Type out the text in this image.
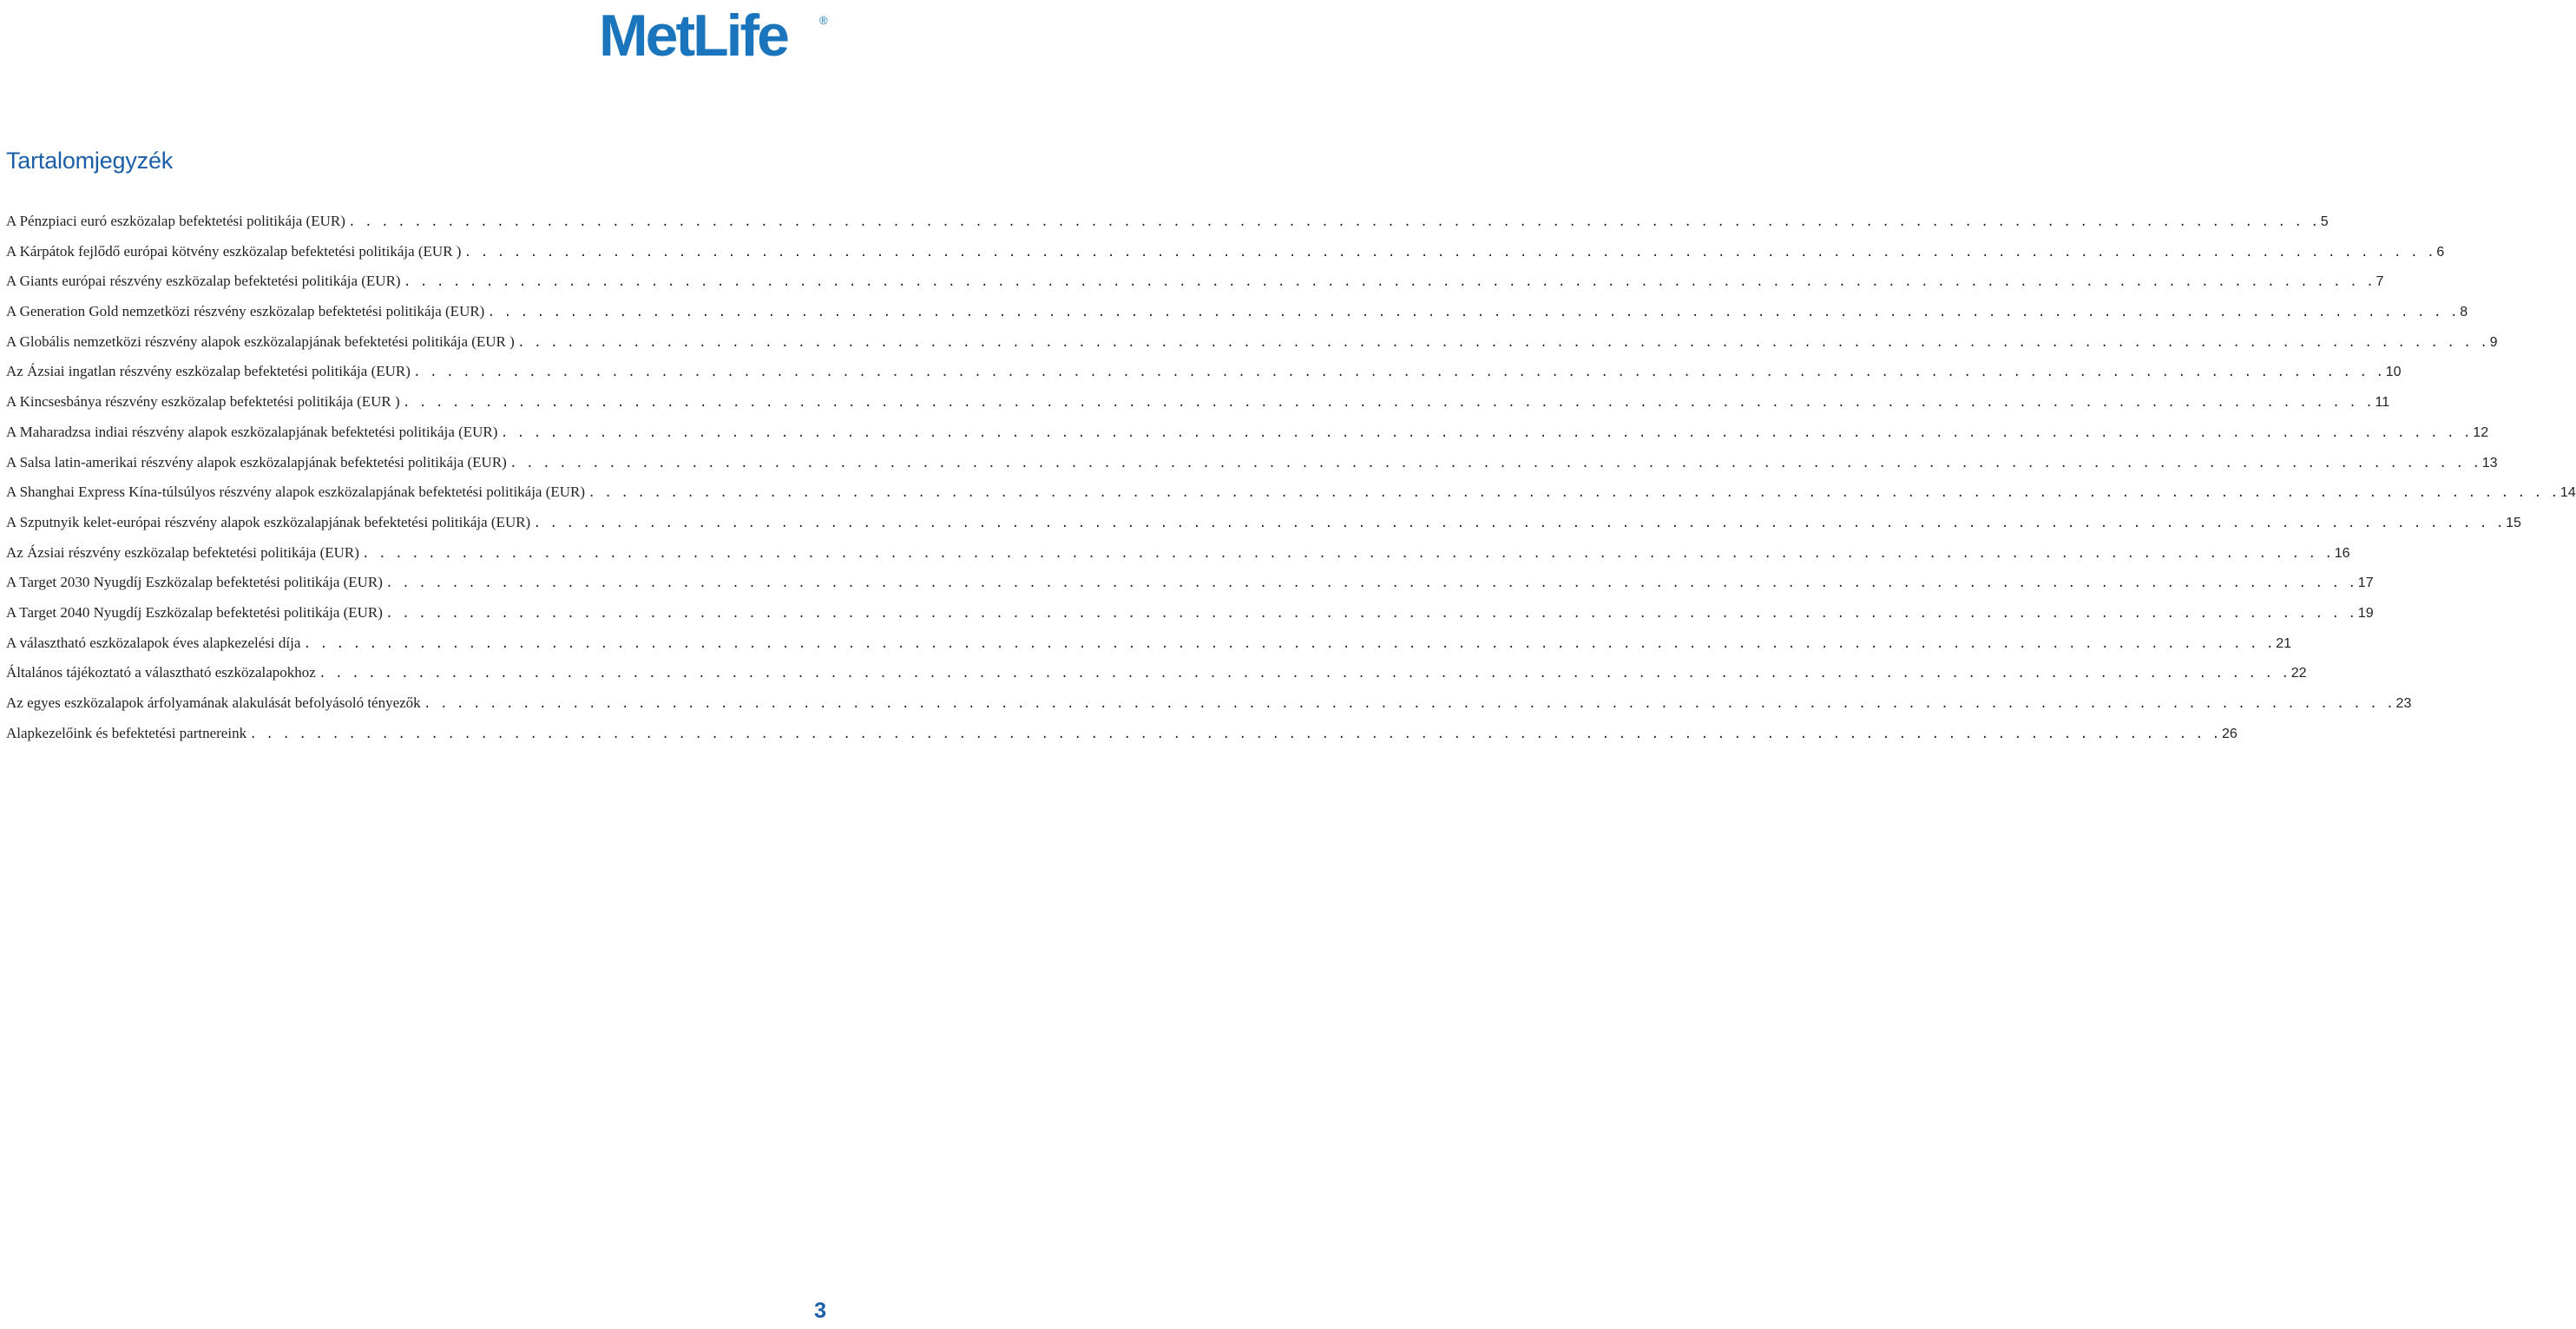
MetLife	®
Tartalomjegyzék
A Pénzpiaci euró eszközalap befektetési politikája (EUR) . . . . . . . . . . . . . . . . . . . . . . . . . . . . . . . . . . . . . . . . . . . . . . . . . . . . . . . . . . . . . . . . . . . . . . . . . . . . . . . . . . . . . . . . . . . . . . . . . . . . . . . . . . . . . . . . . . . . . . . . 5
A Kárpátok fejlődő európai kötvény eszközalap befektetési politikája (EUR ) . . . . . . . . . . . . . . . . . . . . . . . . . . . . . . . . . . . . . . . . . . . . . . . . . . . . . . . . . . . . . . . . . . . . . . . . . . . . . . . . . . . . . . . . . . . . . . . . . . . . . . . . . . . . . . . . . . . . . . . . 6
A Giants európai részvény eszközalap befektetési politikája (EUR) . . . . . . . . . . . . . . . . . . . . . . . . . . . . . . . . . . . . . . . . . . . . . . . . . . . . . . . . . . . . . . . . . . . . . . . . . . . . . . . . . . . . . . . . . . . . . . . . . . . . . . . . . . . . . . . . . . . . . . . . 7
A Generation Gold nemzetközi részvény eszközalap befektetési politikája (EUR) . . . . . . . . . . . . . . . . . . . . . . . . . . . . . . . . . . . . . . . . . . . . . . . . . . . . . . . . . . . . . . . . . . . . . . . . . . . . . . . . . . . . . . . . . . . . . . . . . . . . . . . . . . . . . . . . . . . . . . . . 8
A Globális nemzetközi részvény alapok eszközalapjának befektetési politikája (EUR ) . . . . . . . . . . . . . . . . . . . . . . . . . . . . . . . . . . . . . . . . . . . . . . . . . . . . . . . . . . . . . . . . . . . . . . . . . . . . . . . . . . . . . . . . . . . . . . . . . . . . . . . . . . . . . . . . . . . . . . . . 9
Az Ázsiai ingatlan részvény eszközalap befektetési politikája (EUR) . . . . . . . . . . . . . . . . . . . . . . . . . . . . . . . . . . . . . . . . . . . . . . . . . . . . . . . . . . . . . . . . . . . . . . . . . . . . . . . . . . . . . . . . . . . . . . . . . . . . . . . . . . . . . . . . . . . . . . . . 10
A Kincsesbánya részvény eszközalap befektetési politikája (EUR ) . . . . . . . . . . . . . . . . . . . . . . . . . . . . . . . . . . . . . . . . . . . . . . . . . . . . . . . . . . . . . . . . . . . . . . . . . . . . . . . . . . . . . . . . . . . . . . . . . . . . . . . . . . . . . . . . . . . . . . . . 11
A Maharadzsa indiai részvény alapok eszközalapjának befektetési politikája (EUR) . . . . . . . . . . . . . . . . . . . . . . . . . . . . . . . . . . . . . . . . . . . . . . . . . . . . . . . . . . . . . . . . . . . . . . . . . . . . . . . . . . . . . . . . . . . . . . . . . . . . . . . . . . . . . . . . . . . . . . . . 12
A Salsa latin-amerikai részvény alapok eszközalapjának befektetési politikája (EUR) . . . . . . . . . . . . . . . . . . . . . . . . . . . . . . . . . . . . . . . . . . . . . . . . . . . . . . . . . . . . . . . . . . . . . . . . . . . . . . . . . . . . . . . . . . . . . . . . . . . . . . . . . . . . . . . . . . . . . . . . 13
A Shanghai Express Kína-túlsúlyos részvény alapok eszközalapjának befektetési politikája (EUR) . . . . . . . . . . . . . . . . . . . . . . . . . . . . . . . . . . . . . . . . . . . . . . . . . . . . . . . . . . . . . . . . . . . . . . . . . . . . . . . . . . . . . . . . . . . . . . . . . . . . . . . . . . . . . . . . . . . . . . . . 14
A Szputnyik kelet-európai részvény alapok eszközalapjának befektetési politikája (EUR) . . . . . . . . . . . . . . . . . . . . . . . . . . . . . . . . . . . . . . . . . . . . . . . . . . . . . . . . . . . . . . . . . . . . . . . . . . . . . . . . . . . . . . . . . . . . . . . . . . . . . . . . . . . . . . . . . . . . . . . . 15
Az Ázsiai részvény eszközalap befektetési politikája (EUR) . . . . . . . . . . . . . . . . . . . . . . . . . . . . . . . . . . . . . . . . . . . . . . . . . . . . . . . . . . . . . . . . . . . . . . . . . . . . . . . . . . . . . . . . . . . . . . . . . . . . . . . . . . . . . . . . . . . . . . . . 16
A Target 2030 Nyugdíj Eszközalap befektetési politikája (EUR) . . . . . . . . . . . . . . . . . . . . . . . . . . . . . . . . . . . . . . . . . . . . . . . . . . . . . . . . . . . . . . . . . . . . . . . . . . . . . . . . . . . . . . . . . . . . . . . . . . . . . . . . . . . . . . . . . . . . . . . . 17
A Target 2040 Nyugdíj Eszközalap befektetési politikája (EUR) . . . . . . . . . . . . . . . . . . . . . . . . . . . . . . . . . . . . . . . . . . . . . . . . . . . . . . . . . . . . . . . . . . . . . . . . . . . . . . . . . . . . . . . . . . . . . . . . . . . . . . . . . . . . . . . . . . . . . . . . 19
A választható eszközalapok éves alapkezelési díja . . . . . . . . . . . . . . . . . . . . . . . . . . . . . . . . . . . . . . . . . . . . . . . . . . . . . . . . . . . . . . . . . . . . . . . . . . . . . . . . . . . . . . . . . . . . . . . . . . . . . . . . . . . . . . . . . . . . . . . . 21
Általános tájékoztató a választható eszközalapokhoz . . . . . . . . . . . . . . . . . . . . . . . . . . . . . . . . . . . . . . . . . . . . . . . . . . . . . . . . . . . . . . . . . . . . . . . . . . . . . . . . . . . . . . . . . . . . . . . . . . . . . . . . . . . . . . . . . . . . . . . . 22
Az egyes eszközalapok árfolyamának alakulását befolyásoló tényezők . . . . . . . . . . . . . . . . . . . . . . . . . . . . . . . . . . . . . . . . . . . . . . . . . . . . . . . . . . . . . . . . . . . . . . . . . . . . . . . . . . . . . . . . . . . . . . . . . . . . . . . . . . . . . . . . . . . . . . . . 23
Alapkezelőink és befektetési partnereink . . . . . . . . . . . . . . . . . . . . . . . . . . . . . . . . . . . . . . . . . . . . . . . . . . . . . . . . . . . . . . . . . . . . . . . . . . . . . . . . . . . . . . . . . . . . . . . . . . . . . . . . . . . . . . . . . . . . . . . . 26
3
